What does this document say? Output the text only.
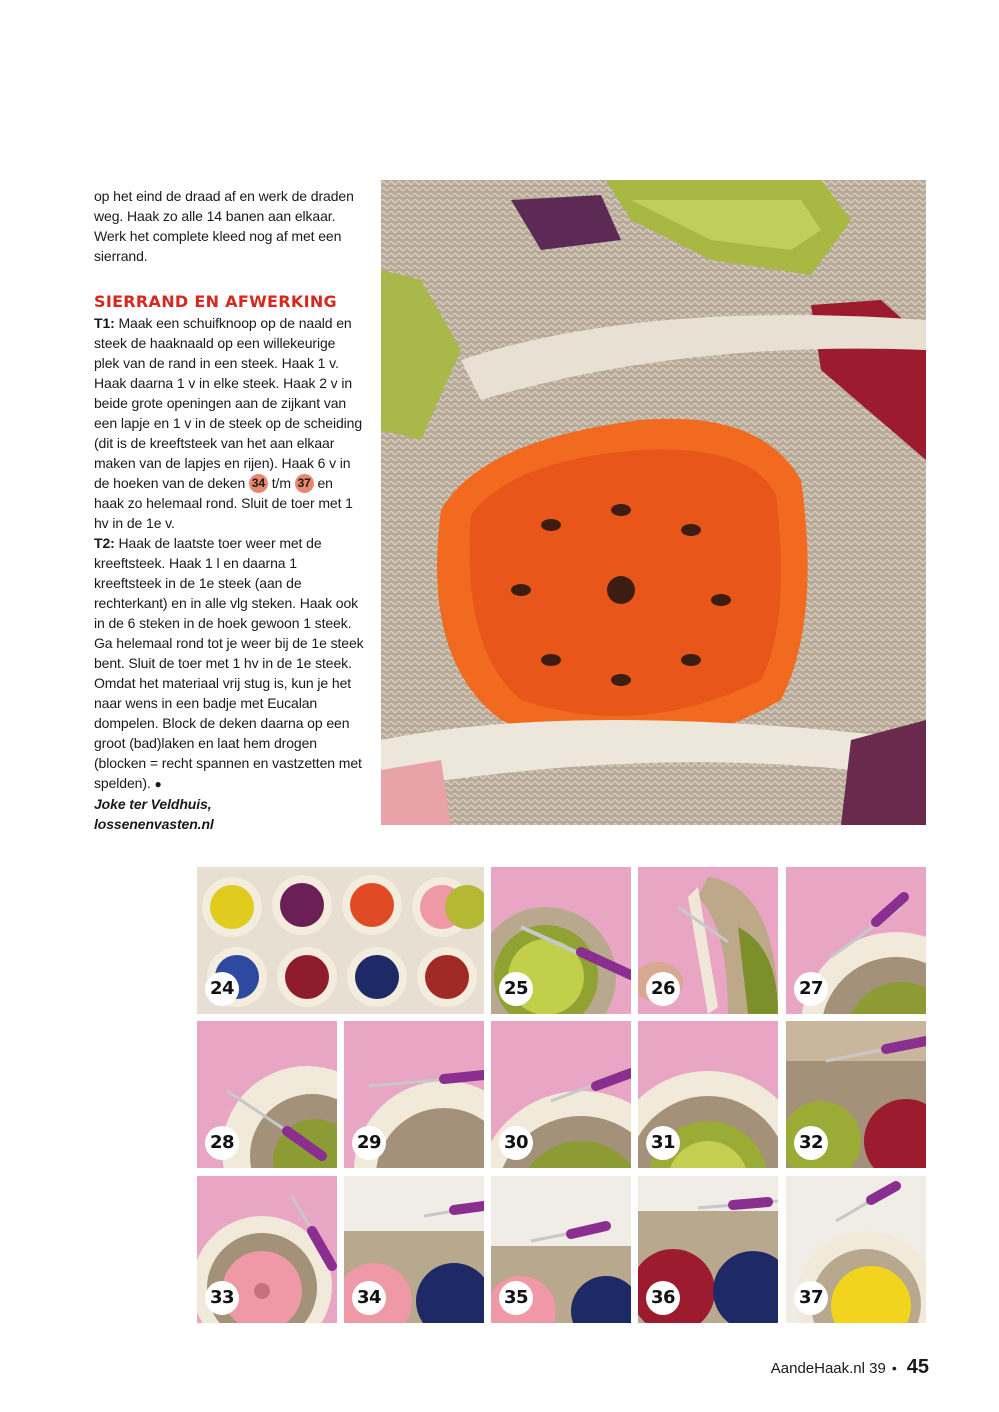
op het eind de draad af en werk de draden weg. Haak zo alle 14 banen aan elkaar. Werk het complete kleed nog af met een sierrand.

SIERRAND EN AFWERKING

T1: Maak een schuifknoop op de naald en steek de haaknaald op een willekeurige plek van de rand in een steek. Haak 1 v. Haak daarna 1 v in elke steek. Haak 2 v in beide grote openingen aan de zijkant van een lapje en 1 v in de steek op de scheiding (dit is de kreeftsteek van het aan elkaar maken van de lapjes en rijen). Haak 6 v in de hoeken van de deken 34 t/m 37 en haak zo helemaal rond. Sluit de toer met 1 hv in de 1e v.

T2: Haak de laatste toer weer met de kreeftsteek. Haak 1 l en daarna 1 kreeftsteek in de 1e steek (aan de rechterkant) en in alle vlg steken. Haak ook in de 6 steken in de hoek gewoon 1 steek. Ga helemaal rond tot je weer bij de 1e steek bent. Sluit de toer met 1 hv in de 1e steek. Omdat het materiaal vrij stug is, kun je het naar wens in een badje met Eucalan dompelen. Block de deken daarna op een groot (bad)laken en laat hem drogen (blocken = recht spannen en vastzetten met spelden). ●

Joke ter Veldhuis,

lossenenvasten.nl

24	25	26	27
28	29	30	31	32
33	34	35	36	37
AandeHaak.nl 39 • 45
